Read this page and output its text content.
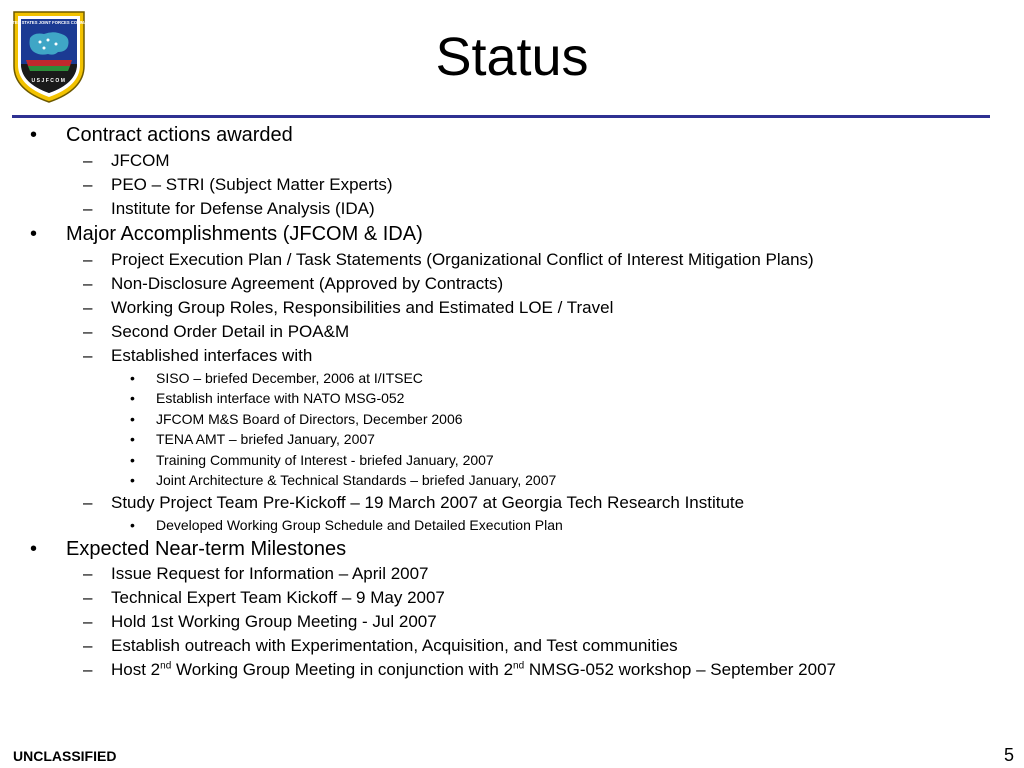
UNITED STATES JOINT FORCES COMMAND
USJFCOM	Status
• Contract actions awarded
– JFCOM
– PEO – STRI (Subject Matter Experts)
– Institute for Defense Analysis (IDA)
• Major Accomplishments (JFCOM & IDA)
– Project Execution Plan / Task Statements (Organizational Conflict of Interest Mitigation Plans)
– Non-Disclosure Agreement (Approved by Contracts)
– Working Group Roles, Responsibilities and Estimated LOE / Travel
– Second Order Detail in POA&M
– Established interfaces with
• SISO – briefed December, 2006 at I/ITSEC
• Establish interface with NATO MSG-052
• JFCOM M&S Board of Directors, December 2006
• TENA AMT – briefed January, 2007
• Training Community of Interest - briefed January, 2007
• Joint Architecture & Technical Standards – briefed January, 2007
– Study Project Team Pre-Kickoff – 19 March 2007 at Georgia Tech Research Institute
• Developed Working Group Schedule and Detailed Execution Plan
• Expected Near-term Milestones
– Issue Request for Information – April 2007
– Technical Expert Team Kickoff – 9 May 2007
– Hold 1st Working Group Meeting - Jul 2007
– Establish outreach with Experimentation, Acquisition, and Test communities
– Host 2nd Working Group Meeting in conjunction with 2nd NMSG-052 workshop – September 2007
UNCLASSIFIED	5
